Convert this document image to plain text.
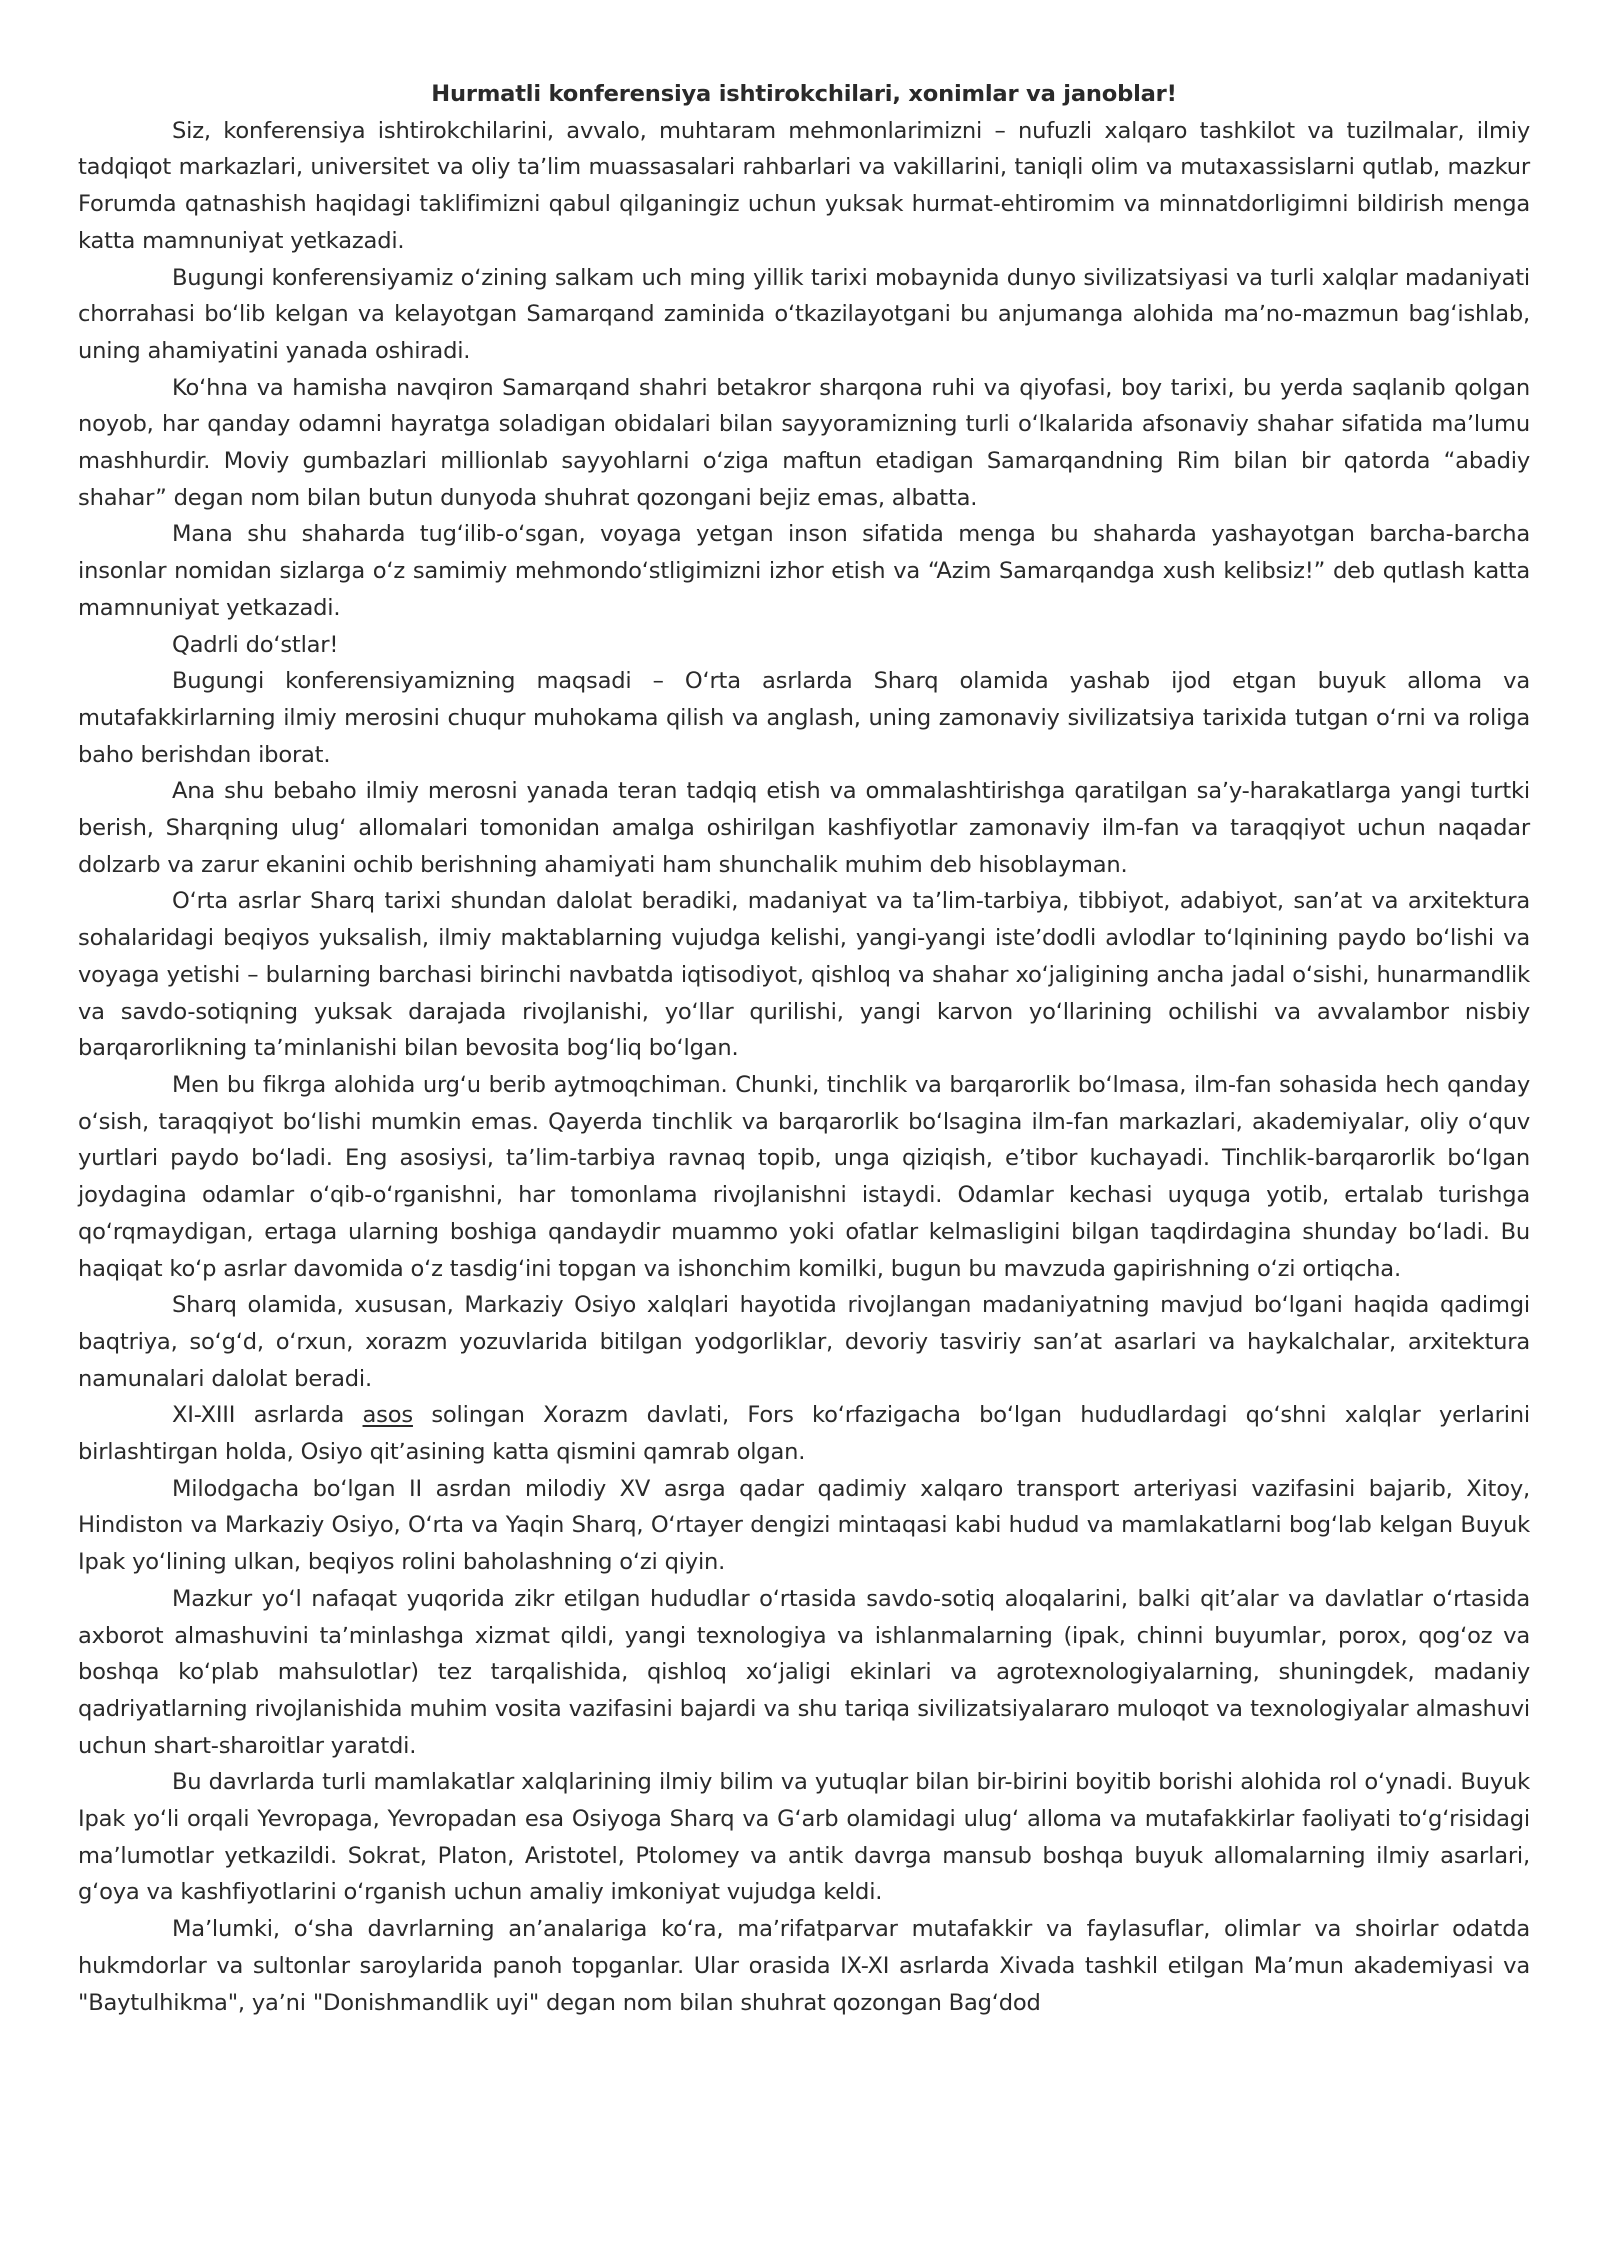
Hurmatli konferensiya ishtirokchilari, xonimlar va janoblar!

Siz, konferensiya ishtirokchilarini, avvalo, muhtaram mehmonlarimizni – nufuzli xalqaro tashkilot va tuzilmalar, ilmiy tadqiqot markazlari, universitet va oliy taʼlim muassasalari rahbarlari va vakillarini, taniqli olim va mutaxassislarni qutlab, mazkur Forumda qatnashish haqidagi taklifimizni qabul qilganingiz uchun yuksak hurmat-ehtiromim va minnatdorligimni bildirish menga katta mamnuniyat yetkazadi.

Bugungi konferensiyamiz oʻzining salkam uch ming yillik tarixi mobaynida dunyo sivilizatsiyasi va turli xalqlar madaniyati chorrahasi boʻlib kelgan va kelayotgan Samarqand zaminida oʻtkazilayotgani bu anjumanga alohida maʼno-mazmun bagʻishlab, uning ahamiyatini yanada oshiradi.

Koʻhna va hamisha navqiron Samarqand shahri betakror sharqona ruhi va qiyofasi, boy tarixi, bu yerda saqlanib qolgan noyob, har qanday odamni hayratga soladigan obidalari bilan sayyoramizning turli oʻlkalarida afsonaviy shahar sifatida maʼlumu mashhurdir. Moviy gumbazlari millionlab sayyohlarni oʻziga maftun etadigan Samarqandning Rim bilan bir qatorda “abadiy shahar” degan nom bilan butun dunyoda shuhrat qozongani bejiz emas, albatta.

Mana shu shaharda tugʻilib-oʻsgan, voyaga yetgan inson sifatida menga bu shaharda yashayotgan barcha-barcha insonlar nomidan sizlarga oʻz samimiy mehmondoʻstligimizni izhor etish va “Azim Samarqandga xush kelibsiz!” deb qutlash katta mamnuniyat yetkazadi.

Qadrli doʻstlar!

Bugungi konferensiyamizning maqsadi – Oʻrta asrlarda Sharq olamida yashab ijod etgan buyuk alloma va mutafakkirlarning ilmiy merosini chuqur muhokama qilish va anglash, uning zamonaviy sivilizatsiya tarixida tutgan oʻrni va roliga baho berishdan iborat.

Ana shu bebaho ilmiy merosni yanada teran tadqiq etish va ommalashtirishga qaratilgan saʼy-harakatlarga yangi turtki berish, Sharqning ulugʻ allomalari tomonidan amalga oshirilgan kashfiyotlar zamonaviy ilm-fan va taraqqiyot uchun naqadar dolzarb va zarur ekanini ochib berishning ahamiyati ham shunchalik muhim deb hisoblayman.

Oʻrta asrlar Sharq tarixi shundan dalolat beradiki, madaniyat va taʼlim-tarbiya, tibbiyot, adabiyot, sanʼat va arxitektura sohalaridagi beqiyos yuksalish, ilmiy maktablarning vujudga kelishi, yangi-yangi isteʼdodli avlodlar toʻlqinining paydo boʻlishi va voyaga yetishi – bularning barchasi birinchi navbatda iqtisodiyot, qishloq va shahar xoʻjaligining ancha jadal oʻsishi, hunarmandlik va savdo-sotiqning yuksak darajada rivojlanishi, yoʻllar qurilishi, yangi karvon yoʻllarining ochilishi va avvalambor nisbiy barqarorlikning taʼminlanishi bilan bevosita bogʻliq boʻlgan.

Men bu fikrga alohida urgʻu berib aytmoqchiman. Chunki, tinchlik va barqarorlik boʻlmasa, ilm-fan sohasida hech qanday oʻsish, taraqqiyot boʻlishi mumkin emas. Qayerda tinchlik va barqarorlik boʻlsagina ilm-fan markazlari, akademiyalar, oliy oʻquv yurtlari paydo boʻladi. Eng asosiysi, taʼlim-tarbiya ravnaq topib, unga qiziqish, eʼtibor kuchayadi. Tinchlik-barqarorlik boʻlgan joydagina odamlar oʻqib-oʻrganishni, har tomonlama rivojlanishni istaydi. Odamlar kechasi uyquga yotib, ertalab turishga qoʻrqmaydigan, ertaga ularning boshiga qandaydir muammo yoki ofatlar kelmasligini bilgan taqdirdagina shunday boʻladi. Bu haqiqat koʻp asrlar davomida oʻz tasdigʻini topgan va ishonchim komilki, bugun bu mavzuda gapirishning oʻzi ortiqcha.

Sharq olamida, xususan, Markaziy Osiyo xalqlari hayotida rivojlangan madaniyatning mavjud boʻlgani haqida qadimgi baqtriya, soʻgʻd, oʻrxun, xorazm yozuvlarida bitilgan yodgorliklar, devoriy tasviriy sanʼat asarlari va haykalchalar, arxitektura namunalari dalolat beradi.

XI-XIII asrlarda asos solingan Xorazm davlati, Fors koʻrfazigacha boʻlgan hududlardagi qoʻshni xalqlar yerlarini birlashtirgan holda, Osiyo qitʼasining katta qismini qamrab olgan.

Milodgacha boʻlgan II asrdan milodiy XV asrga qadar qadimiy xalqaro transport arteriyasi vazifasini bajarib, Xitoy, Hindiston va Markaziy Osiyo, Oʻrta va Yaqin Sharq, Oʻrtayer dengizi mintaqasi kabi hudud va mamlakatlarni bogʻlab kelgan Buyuk Ipak yoʻlining ulkan, beqiyos rolini baholashning oʻzi qiyin.

Mazkur yoʻl nafaqat yuqorida zikr etilgan hududlar oʻrtasida savdo-sotiq aloqalarini, balki qitʼalar va davlatlar oʻrtasida axborot almashuvini taʼminlashga xizmat qildi, yangi texnologiya va ishlanmalarning (ipak, chinni buyumlar, porox, qogʻoz va boshqa koʻplab mahsulotlar) tez tarqalishida, qishloq xoʻjaligi ekinlari va agrotexnologiyalarning, shuningdek, madaniy qadriyatlarning rivojlanishida muhim vosita vazifasini bajardi va shu tariqa sivilizatsiyalararo muloqot va texnologiyalar almashuvi uchun shart-sharoitlar yaratdi.

Bu davrlarda turli mamlakatlar xalqlarining ilmiy bilim va yutuqlar bilan bir-birini boyitib borishi alohida rol oʻynadi. Buyuk Ipak yoʻli orqali Yevropaga, Yevropadan esa Osiyoga Sharq va Gʻarb olamidagi ulugʻ alloma va mutafakkirlar faoliyati toʻgʻrisidagi maʼlumotlar yetkazildi. Sokrat, Platon, Aristotel, Ptolomey va antik davrga mansub boshqa buyuk allomalarning ilmiy asarlari, gʻoya va kashfiyotlarini oʻrganish uchun amaliy imkoniyat vujudga keldi.

Maʼlumki, oʻsha davrlarning anʼanalariga koʻra, maʼrifatparvar mutafakkir va faylasuflar, olimlar va shoirlar odatda hukmdorlar va sultonlar saroylarida panoh topganlar. Ular orasida IX-XI asrlarda Xivada tashkil etilgan Maʼmun akademiyasi va "Baytulhikma", yaʼni "Donishmandlik uyi" degan nom bilan shuhrat qozongan Bagʻdod
